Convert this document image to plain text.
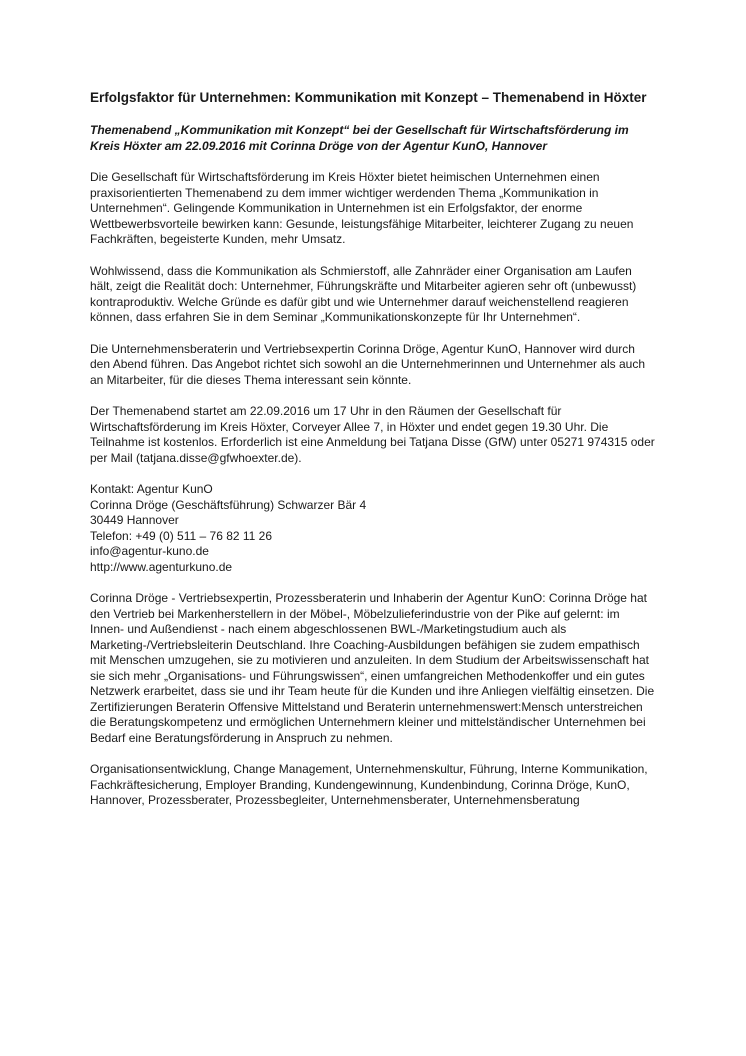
Erfolgsfaktor für Unternehmen: Kommunikation mit Konzept – Themenabend in Höxter

Themenabend „Kommunikation mit Konzept“ bei der Gesellschaft für Wirtschaftsförderung im Kreis Höxter am 22.09.2016 mit Corinna Dröge von der Agentur KunO, Hannover

Die Gesellschaft für Wirtschaftsförderung im Kreis Höxter bietet heimischen Unternehmen einen praxisorientierten Themenabend zu dem immer wichtiger werdenden Thema „Kommunikation in Unternehmen“. Gelingende Kommunikation in Unternehmen ist ein Erfolgsfaktor, der enorme Wettbewerbsvorteile bewirken kann: Gesunde, leistungsfähige Mitarbeiter, leichterer Zugang zu neuen Fachkräften, begeisterte Kunden, mehr Umsatz.

Wohlwissend, dass die Kommunikation als Schmierstoff, alle Zahnräder einer Organisation am Laufen hält, zeigt die Realität doch: Unternehmer, Führungskräfte und Mitarbeiter agieren sehr oft (unbewusst) kontraproduktiv. Welche Gründe es dafür gibt und wie Unternehmer darauf weichenstellend reagieren können, dass erfahren Sie in dem Seminar „Kommunikationskonzepte für Ihr Unternehmen“.

Die Unternehmensberaterin und Vertriebsexpertin Corinna Dröge, Agentur KunO, Hannover wird durch den Abend führen. Das Angebot richtet sich sowohl an die Unternehmerinnen und Unternehmer als auch an Mitarbeiter, für die dieses Thema interessant sein könnte.

Der Themenabend startet am 22.09.2016 um 17 Uhr in den Räumen der Gesellschaft für Wirtschaftsförderung im Kreis Höxter, Corveyer Allee 7, in Höxter und endet gegen 19.30 Uhr. Die Teilnahme ist kostenlos. Erforderlich ist eine Anmeldung bei Tatjana Disse (GfW) unter 05271 974315 oder per Mail (tatjana.disse@gfwhoexter.de).

Kontakt: Agentur KunO
Corinna Dröge (Geschäftsführung) Schwarzer Bär 4
30449 Hannover
Telefon: +49 (0) 511 – 76 82 11 26
info@agentur-kuno.de
http://www.agenturkuno.de

Corinna Dröge - Vertriebsexpertin, Prozessberaterin und Inhaberin der Agentur KunO: Corinna Dröge hat den Vertrieb bei Markenherstellern in der Möbel-, Möbelzulieferindustrie von der Pike auf gelernt: im Innen- und Außendienst - nach einem abgeschlossenen BWL-/Marketingstudium auch als Marketing-/Vertriebsleiterin Deutschland. Ihre Coaching-Ausbildungen befähigen sie zudem empathisch mit Menschen umzugehen, sie zu motivieren und anzuleiten. In dem Studium der Arbeitswissenschaft hat sie sich mehr „Organisations- und Führungswissen“, einen umfangreichen Methodenkoffer und ein gutes Netzwerk erarbeitet, dass sie und ihr Team heute für die Kunden und ihre Anliegen vielfältig einsetzen. Die Zertifizierungen Beraterin Offensive Mittelstand und Beraterin unternehmenswert:Mensch unterstreichen die Beratungskompetenz und ermöglichen Unternehmern kleiner und mittelständischer Unternehmen bei Bedarf eine Beratungsförderung in Anspruch zu nehmen.

Organisationsentwicklung, Change Management, Unternehmenskultur, Führung, Interne Kommunikation, Fachkräftesicherung, Employer Branding, Kundengewinnung, Kundenbindung, Corinna Dröge, KunO, Hannover, Prozessberater, Prozessbegleiter, Unternehmensberater, Unternehmensberatung
